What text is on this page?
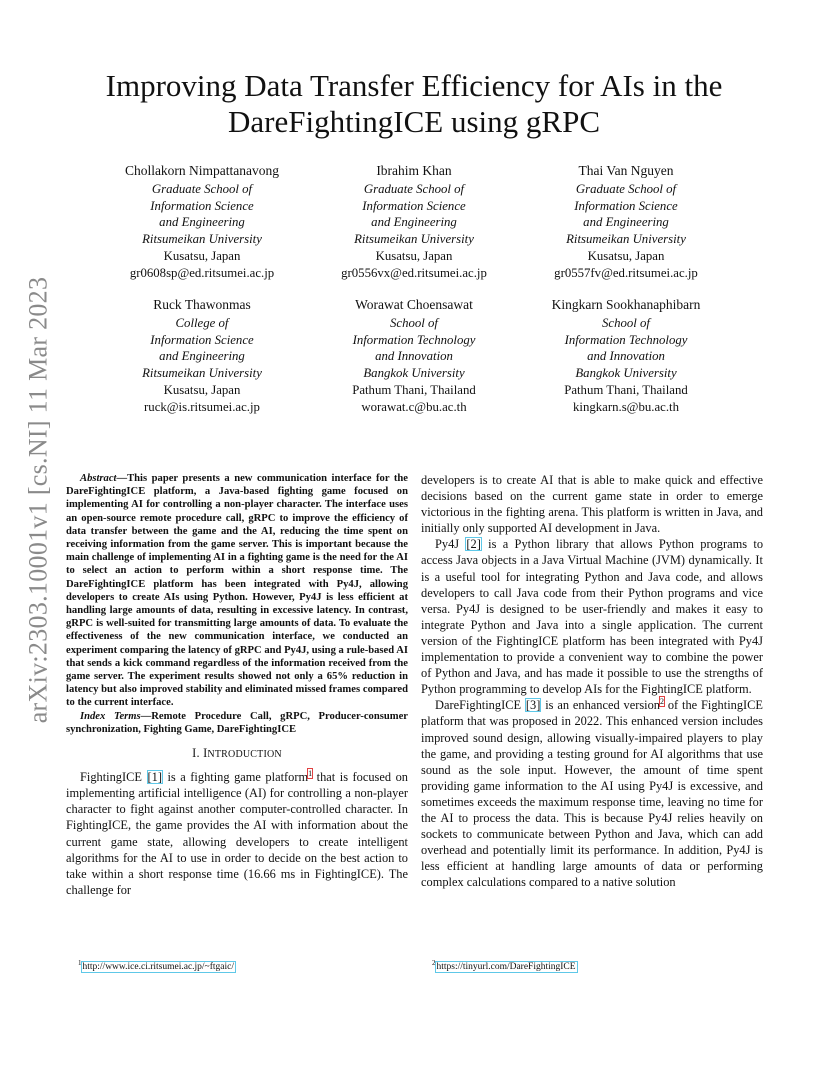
arXiv:2303.10001v1 [cs.NI] 11 Mar 2023
Improving Data Transfer Efficiency for AIs in the
DareFightingICE using gRPC
Chollakorn Nimpattanavong
Graduate School of
Information Science
and Engineering
Ritsumeikan University
Kusatsu, Japan
gr0608sp@ed.ritsumei.ac.jp
Ibrahim Khan
Graduate School of
Information Science
and Engineering
Ritsumeikan University
Kusatsu, Japan
gr0556vx@ed.ritsumei.ac.jp
Thai Van Nguyen
Graduate School of
Information Science
and Engineering
Ritsumeikan University
Kusatsu, Japan
gr0557fv@ed.ritsumei.ac.jp
Ruck Thawonmas
College of
Information Science
and Engineering
Ritsumeikan University
Kusatsu, Japan
ruck@is.ritsumei.ac.jp
Worawat Choensawat
School of
Information Technology
and Innovation
Bangkok University
Pathum Thani, Thailand
worawat.c@bu.ac.th
Kingkarn Sookhanaphibarn
School of
Information Technology
and Innovation
Bangkok University
Pathum Thani, Thailand
kingkarn.s@bu.ac.th

Abstract—This paper presents a new communication interface for the DareFightingICE platform, a Java-based fighting game focused on implementing AI for controlling a non-player character. The interface uses an open-source remote procedure call, gRPC to improve the efficiency of data transfer between the game and the AI, reducing the time spent on receiving information from the game server. This is important because the main challenge of implementing AI in a fighting game is the need for the AI to select an action to perform within a short response time. The DareFightingICE platform has been integrated with Py4J, allowing developers to create AIs using Python. However, Py4J is less efficient at handling large amounts of data, resulting in excessive latency. In contrast, gRPC is well-suited for transmitting large amounts of data. To evaluate the effectiveness of the new communication interface, we conducted an experiment comparing the latency of gRPC and Py4J, using a rule-based AI that sends a kick command regardless of the information received from the game server. The experiment results showed not only a 65% reduction in latency but also improved stability and eliminated missed frames compared to the current interface.

Index Terms—Remote Procedure Call, gRPC, Producer-consumer synchronization, Fighting Game, DareFightingICE

I. INTRODUCTION

FightingICE [1] is a fighting game platform$^1$ that is focused on implementing artificial intelligence (AI) for controlling a non-player character to fight against another computer-controlled character. In FightingICE, the game provides the AI with information about the current game state, allowing developers to create intelligent algorithms for the AI to use in order to decide on the best action to take within a short response time (16.66 ms in FightingICE). The challenge for

developers is to create AI that is able to make quick and effective decisions based on the current game state in order to emerge victorious in the fighting arena. This platform is written in Java, and initially only supported AI development in Java.

Py4J [2] is a Python library that allows Python programs to access Java objects in a Java Virtual Machine (JVM) dynamically. It is a useful tool for integrating Python and Java code, and allows developers to call Java code from their Python programs and vice versa. Py4J is designed to be user-friendly and makes it easy to integrate Python and Java into a single application. The current version of the FightingICE platform has been integrated with Py4J implementation to provide a convenient way to combine the power of Python and Java, and has made it possible to use the strengths of Python programming to develop AIs for the FightingICE platform.

DareFightingICE [3] is an enhanced version$^2$ of the FightingICE platform that was proposed in 2022. This enhanced version includes improved sound design, allowing visually-impaired players to play the game, and providing a testing ground for AI algorithms that use sound as the sole input. However, the amount of time spent providing game information to the AI using Py4J is excessive, and sometimes exceeds the maximum response time, leaving no time for the AI to process the data. This is because Py4J relies heavily on sockets to communicate between Python and Java, which can add overhead and potentially limit its performance. In addition, Py4J is less efficient at handling large amounts of data or performing complex calculations compared to a native solution

$^1$http://www.ice.ci.ritsumei.ac.jp/~ftgaic/	$^2$https://tinyurl.com/DareFightingICE
